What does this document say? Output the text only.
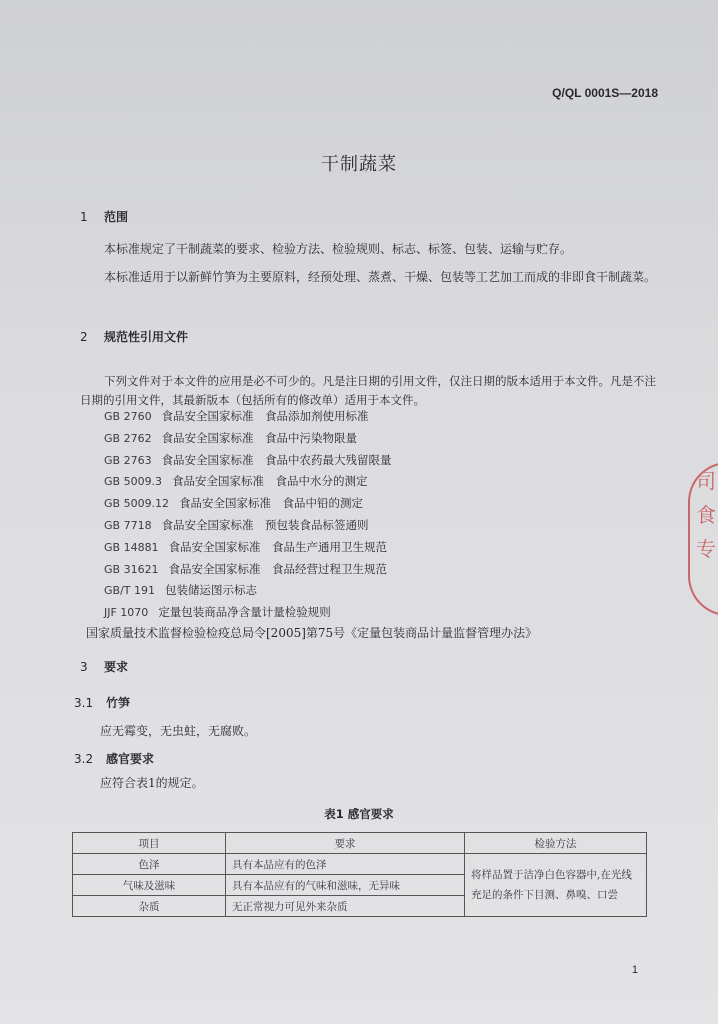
Q/QL 0001S—2018
干制蔬菜
1 范围
本标准规定了干制蔬菜的要求、检验方法、检验规则、标志、标签、包装、运输与贮存。
本标准适用于以新鲜竹笋为主要原料，经预处理、蒸煮、干燥、包装等工艺加工而成的非即食干制蔬菜。
2 规范性引用文件
下列文件对于本文件的应用是必不可少的。凡是注日期的引用文件，仅注日期的版本适用于本文件。凡是不注日期的引用文件，其最新版本（包括所有的修改单）适用于本文件。
GB 2760 食品安全国家标准　食品添加剂使用标准
GB 2762 食品安全国家标准　食品中污染物限量
GB 2763 食品安全国家标准　食品中农药最大残留限量
GB 5009.3 食品安全国家标准　食品中水分的测定
GB 5009.12 食品安全国家标准　食品中铅的测定
GB 7718 食品安全国家标准　预包装食品标签通则
GB 14881 食品安全国家标准　食品生产通用卫生规范
GB 31621 食品安全国家标准　食品经营过程卫生规范
GB/T 191 包装储运图示标志
JJF 1070 定量包装商品净含量计量检验规则
国家质量技术监督检验检疫总局令[2005]第75号《定量包装商品计量监督管理办法》
3 要求
3.1 竹笋
应无霉变，无虫蛀，无腐败。
3.2 感官要求
应符合表1的规定。
表1 感官要求
项目	要求	检验方法
色泽	具有本品应有的色泽	将样品置于洁净白色容器中,在光线充足的条件下目测、鼻嗅、口尝
气味及滋味	具有本品应有的气味和滋味，无异味	
杂质	无正常视力可见外来杂质	
司
食
专
1
